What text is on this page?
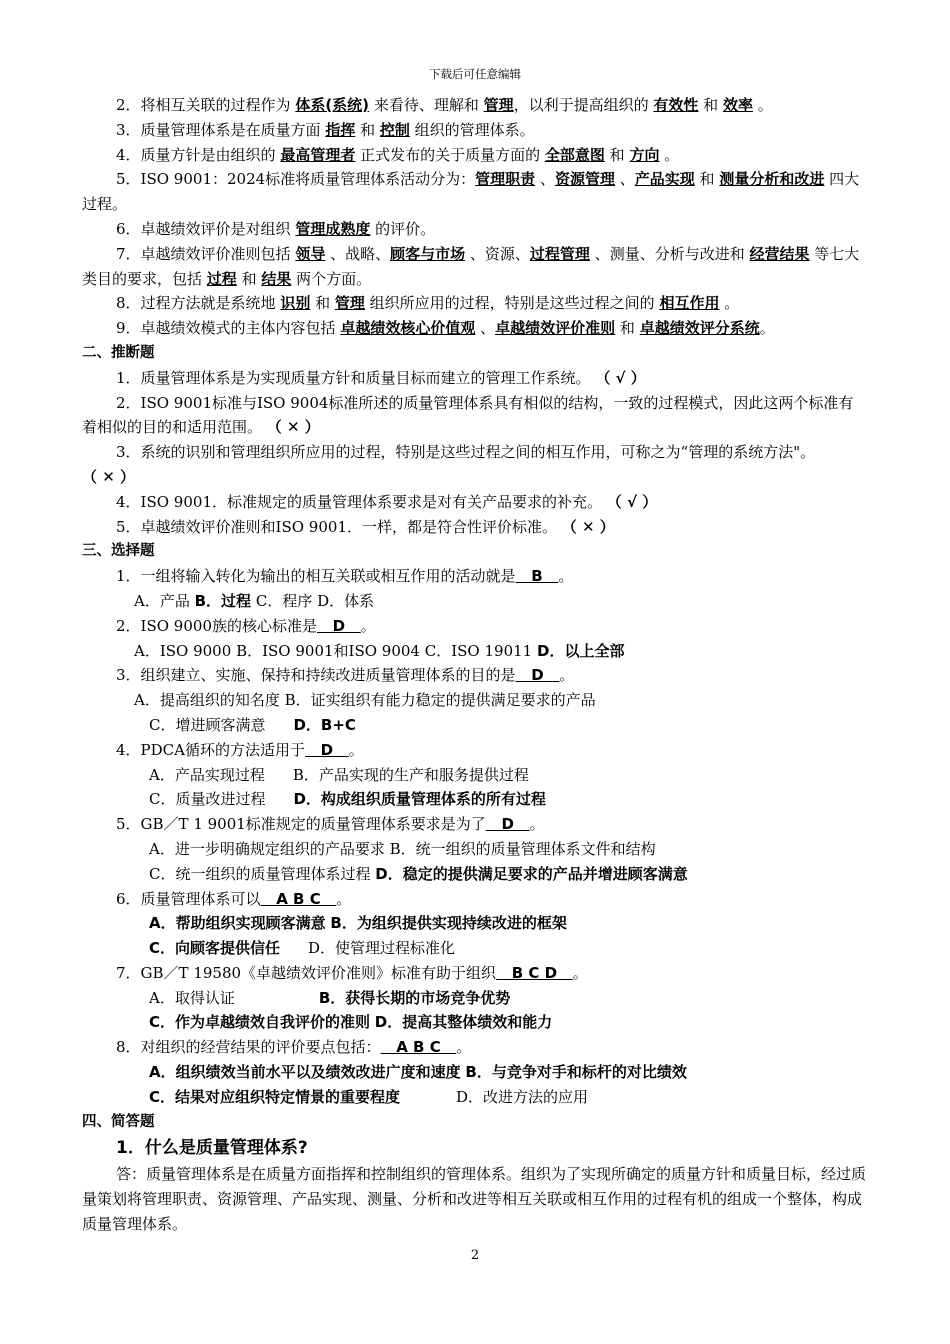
下载后可任意编辑

2．将相互关联的过程作为 体系(系统) 来看待、理解和 管理，以利于提高组织的 有效性 和 效率 。

3．质量管理体系是在质量方面 指挥 和 控制 组织的管理体系。

4．质量方针是由组织的 最高管理者 正式发布的关于质量方面的 全部意图 和 方向 。

5．ISO 9001：2024标准将质量管理体系活动分为：管理职责 、资源管理 、产品实现 和 测量分析和改进 四大过程。

6．卓越绩效评价是对组织 管理成熟度 的评价。

7．卓越绩效评价准则包括 领导 、战略、顾客与市场 、资源、过程管理 、测量、分析与改进和 经营结果 等七大类目的要求，包括 过程 和 结果 两个方面。

8．过程方法就是系统地 识别 和 管理 组织所应用的过程，特别是这些过程之间的 相互作用 。

9．卓越绩效模式的主体内容包括 卓越绩效核心价值观 、卓越绩效评价准则 和 卓越绩效评分系统。

二、推断题

1．质量管理体系是为实现质量方针和质量目标而建立的管理工作系统。 （ √ ）

2．ISO 9001标准与ISO 9004标准所述的质量管理体系具有相似的结构，一致的过程模式，因此这两个标准有着相似的目的和适用范围。 （ ✕ ）

3．系统的识别和管理组织所应用的过程，特别是这些过程之间的相互作用，可称之为“管理的系统方法"。 （ ✕ ）

4．ISO 9001．标准规定的质量管理体系要求是对有关产品要求的补充。 （ √ ）

5．卓越绩效评价准则和ISO 9001．一样，都是符合性评价标准。 （ ✕ ）

三、选择题

1．一组将输入转化为输出的相互关联或相互作用的活动就是   B   。

A．产品 B．过程 C．程序 D．体系

2．ISO 9000族的核心标准是   D   。

A．ISO 9000 B．ISO 9001和ISO 9004 C．ISO 19011 D．以上全部

3．组织建立、实施、保持和持续改进质量管理体系的目的是   D   。

A．提高组织的知名度 B．证实组织有能力稳定的提供满足要求的产品

C．增进顾客满意 D．B+C

4．PDCA循环的方法适用于   D   。

A．产品实现过程 B．产品实现的生产和服务提供过程

C．质量改进过程 D．构成组织质量管理体系的所有过程

5．GB／T 1 9001标准规定的质量管理体系要求是为了   D   。

A．进一步明确规定组织的产品要求 B．统一组织的质量管理体系文件和结构

C．统一组织的质量管理体系过程 D．稳定的提供满足要求的产品并增进顾客满意

6．质量管理体系可以   A B C   。

A．帮助组织实现顾客满意 B．为组织提供实现持续改进的框架

C．向顾客提供信任 D．使管理过程标准化

7．GB／T 19580《卓越绩效评价准则》标准有助于组织   B C D   。

A．取得认证	B．获得长期的市场竞争优势

C．作为卓越绩效自我评价的准则 D．提高其整体绩效和能力

8．对组织的经营结果的评价要点包括：   A B C   。

A．组织绩效当前水平以及绩效改进广度和速度 B．与竞争对手和标杆的对比绩效

C．结果对应组织特定情景的重要程度	D．改进方法的应用

四、简答题

1．什么是质量管理体系?

答：质量管理体系是在质量方面指挥和控制组织的管理体系。组织为了实现所确定的质量方针和质量目标，经过质量策划将管理职责、资源管理、产品实现、测量、分析和改进等相互关联或相互作用的过程有机的组成一个整体，构成质量管理体系。

2
